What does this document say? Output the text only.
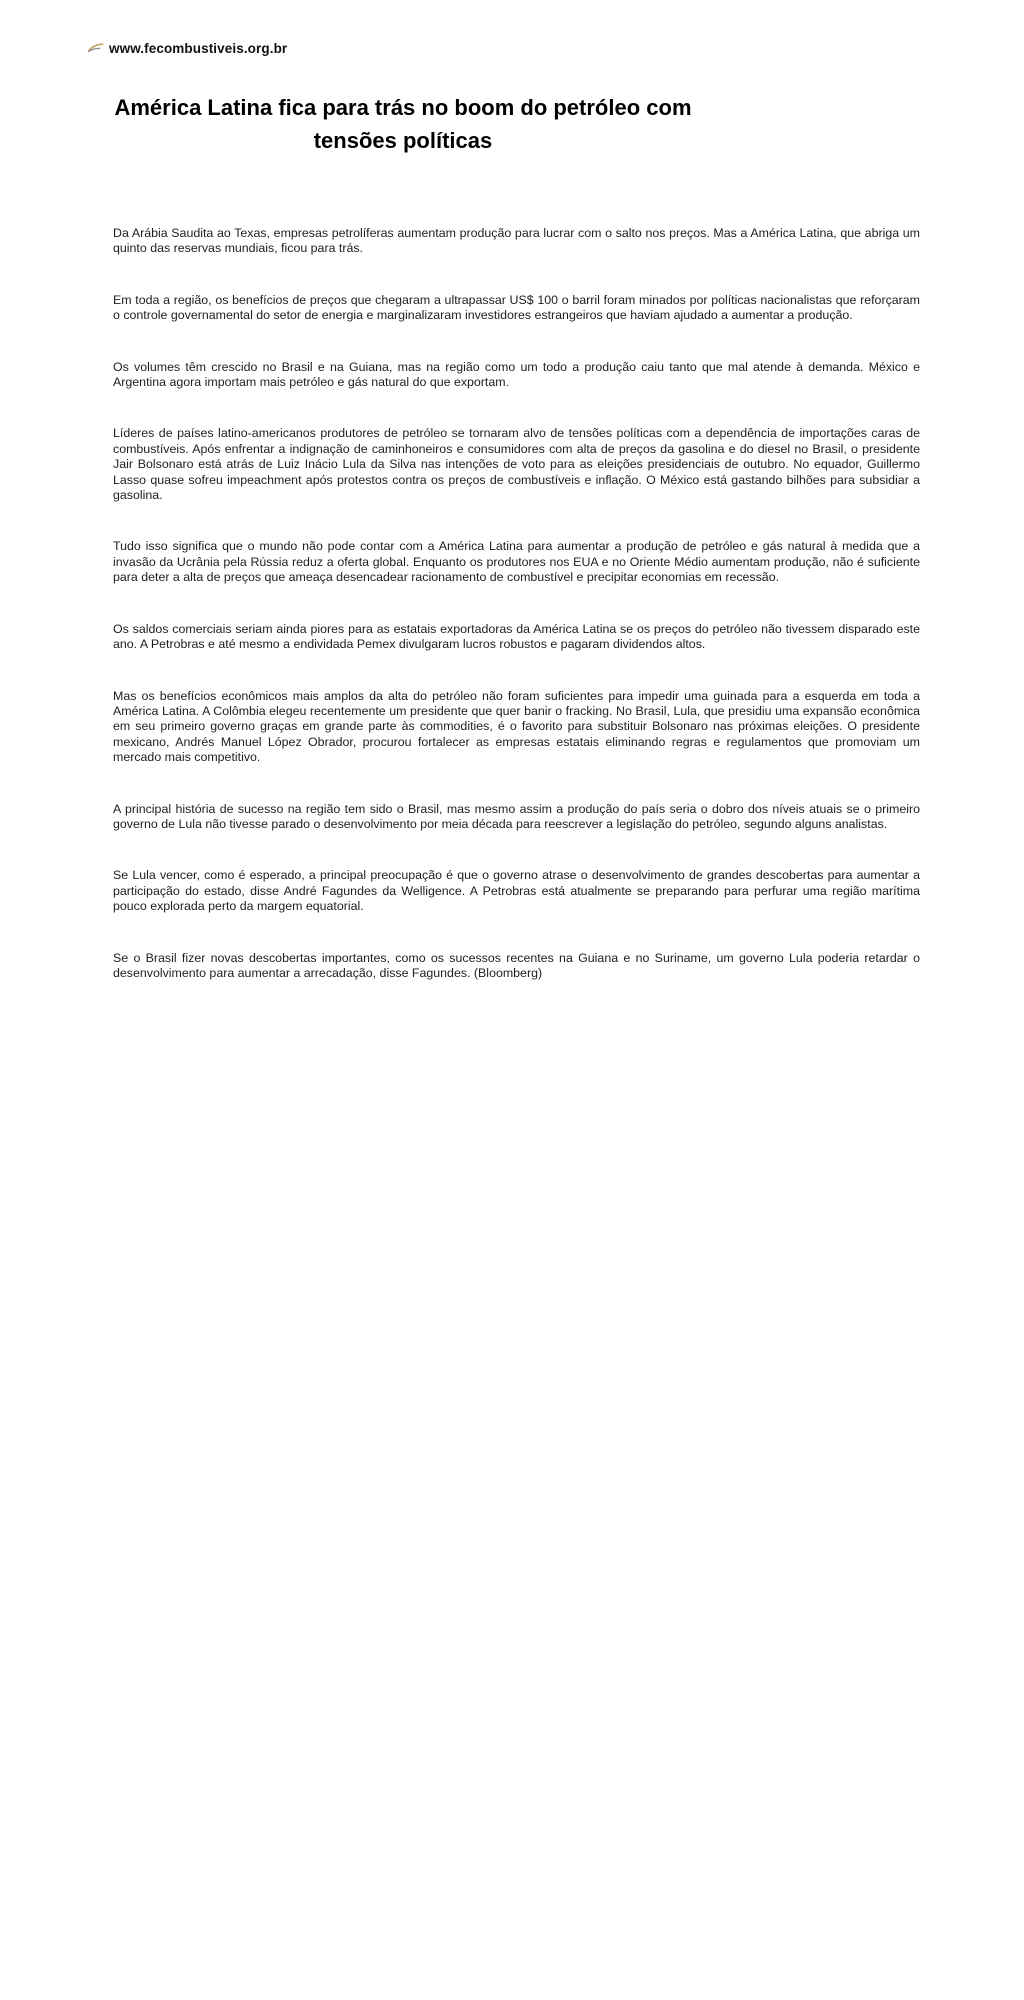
www.fecombustiveis.org.br
América Latina fica para trás no boom do petróleo com tensões políticas

Da Arábia Saudita ao Texas, empresas petrolíferas aumentam produção para lucrar com o salto nos preços. Mas a América Latina, que abriga um quinto das reservas mundiais, ficou para trás.

Em toda a região, os benefícios de preços que chegaram a ultrapassar US$ 100 o barril foram minados por políticas nacionalistas que reforçaram o controle governamental do setor de energia e marginalizaram investidores estrangeiros que haviam ajudado a aumentar a produção.

Os volumes têm crescido no Brasil e na Guiana, mas na região como um todo a produção caiu tanto que mal atende à demanda. México e Argentina agora importam mais petróleo e gás natural do que exportam.

Líderes de países latino-americanos produtores de petróleo se tornaram alvo de tensões políticas com a dependência de importações caras de combustíveis. Após enfrentar a indignação de caminhoneiros e consumidores com alta de preços da gasolina e do diesel no Brasil, o presidente Jair Bolsonaro está atrás de Luiz Inácio Lula da Silva nas intenções de voto para as eleições presidenciais de outubro. No equador, Guillermo Lasso quase sofreu impeachment após protestos contra os preços de combustíveis e inflação. O México está gastando bilhões para subsidiar a gasolina.

Tudo isso significa que o mundo não pode contar com a América Latina para aumentar a produção de petróleo e gás natural à medida que a invasão da Ucrânia pela Rússia reduz a oferta global. Enquanto os produtores nos EUA e no Oriente Médio aumentam produção, não é suficiente para deter a alta de preços que ameaça desencadear racionamento de combustível e precipitar economias em recessão.

Os saldos comerciais seriam ainda piores para as estatais exportadoras da América Latina se os preços do petróleo não tivessem disparado este ano. A Petrobras e até mesmo a endividada Pemex divulgaram lucros robustos e pagaram dividendos altos.

Mas os benefícios econômicos mais amplos da alta do petróleo não foram suficientes para impedir uma guinada para a esquerda em toda a América Latina. A Colômbia elegeu recentemente um presidente que quer banir o fracking. No Brasil, Lula, que presidiu uma expansão econômica em seu primeiro governo graças em grande parte às commodities, é o favorito para substituir Bolsonaro nas próximas eleições. O presidente mexicano, Andrés Manuel López Obrador, procurou fortalecer as empresas estatais eliminando regras e regulamentos que promoviam um mercado mais competitivo.

A principal história de sucesso na região tem sido o Brasil, mas mesmo assim a produção do país seria o dobro dos níveis atuais se o primeiro governo de Lula não tivesse parado o desenvolvimento por meia década para reescrever a legislação do petróleo, segundo alguns analistas.

Se Lula vencer, como é esperado, a principal preocupação é que o governo atrase o desenvolvimento de grandes descobertas para aumentar a participação do estado, disse André Fagundes da Welligence. A Petrobras está atualmente se preparando para perfurar uma região marítima pouco explorada perto da margem equatorial.

Se o Brasil fizer novas descobertas importantes, como os sucessos recentes na Guiana e no Suriname, um governo Lula poderia retardar o desenvolvimento para aumentar a arrecadação, disse Fagundes. (Bloomberg)
